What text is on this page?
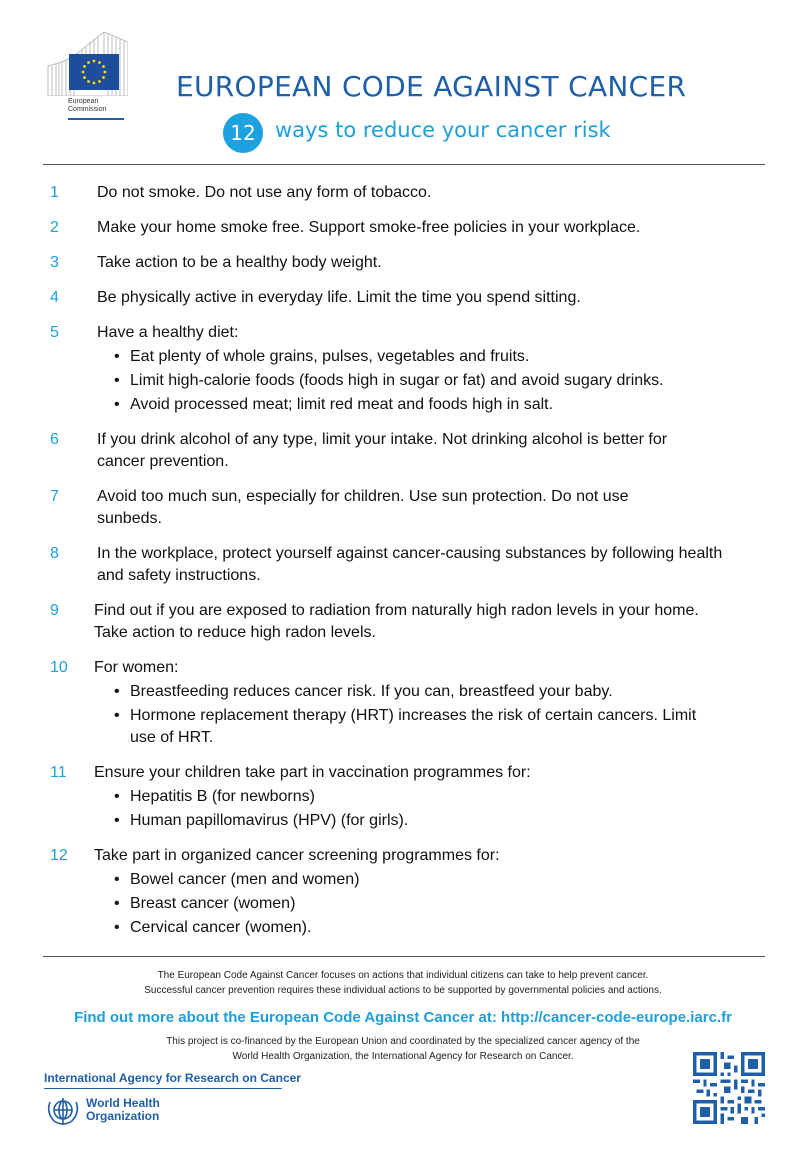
European
Commission
EUROPEAN CODE AGAINST CANCER
12 ways to reduce your cancer risk
1 Do not smoke. Do not use any form of tobacco.
2 Make your home smoke free. Support smoke-free policies in your workplace.
3 Take action to be a healthy body weight.
4 Be physically active in everyday life. Limit the time you spend sitting.
5 Have a healthy diet:
• Eat plenty of whole grains, pulses, vegetables and fruits.
• Limit high-calorie foods (foods high in sugar or fat) and avoid sugary drinks.
• Avoid processed meat; limit red meat and foods high in salt.
6 If you drink alcohol of any type, limit your intake. Not drinking alcohol is better for cancer prevention.
7 Avoid too much sun, especially for children. Use sun protection. Do not use sunbeds.
8 In the workplace, protect yourself against cancer-causing substances by following health and safety instructions.
9 Find out if you are exposed to radiation from naturally high radon levels in your home. Take action to reduce high radon levels.
10 For women:
• Breastfeeding reduces cancer risk. If you can, breastfeed your baby.
• Hormone replacement therapy (HRT) increases the risk of certain cancers. Limit use of HRT.
11 Ensure your children take part in vaccination programmes for:
• Hepatitis B (for newborns)
• Human papillomavirus (HPV) (for girls).
12 Take part in organized cancer screening programmes for:
• Bowel cancer (men and women)
• Breast cancer (women)
• Cervical cancer (women).
The European Code Against Cancer focuses on actions that individual citizens can take to help prevent cancer.
Successful cancer prevention requires these individual actions to be supported by governmental policies and actions.
Find out more about the European Code Against Cancer at: http://cancer-code-europe.iarc.fr
This project is co-financed by the European Union and coordinated by the specialized cancer agency of the
World Health Organization, the International Agency for Research on Cancer.
International Agency for Research on Cancer
World Health
Organization
